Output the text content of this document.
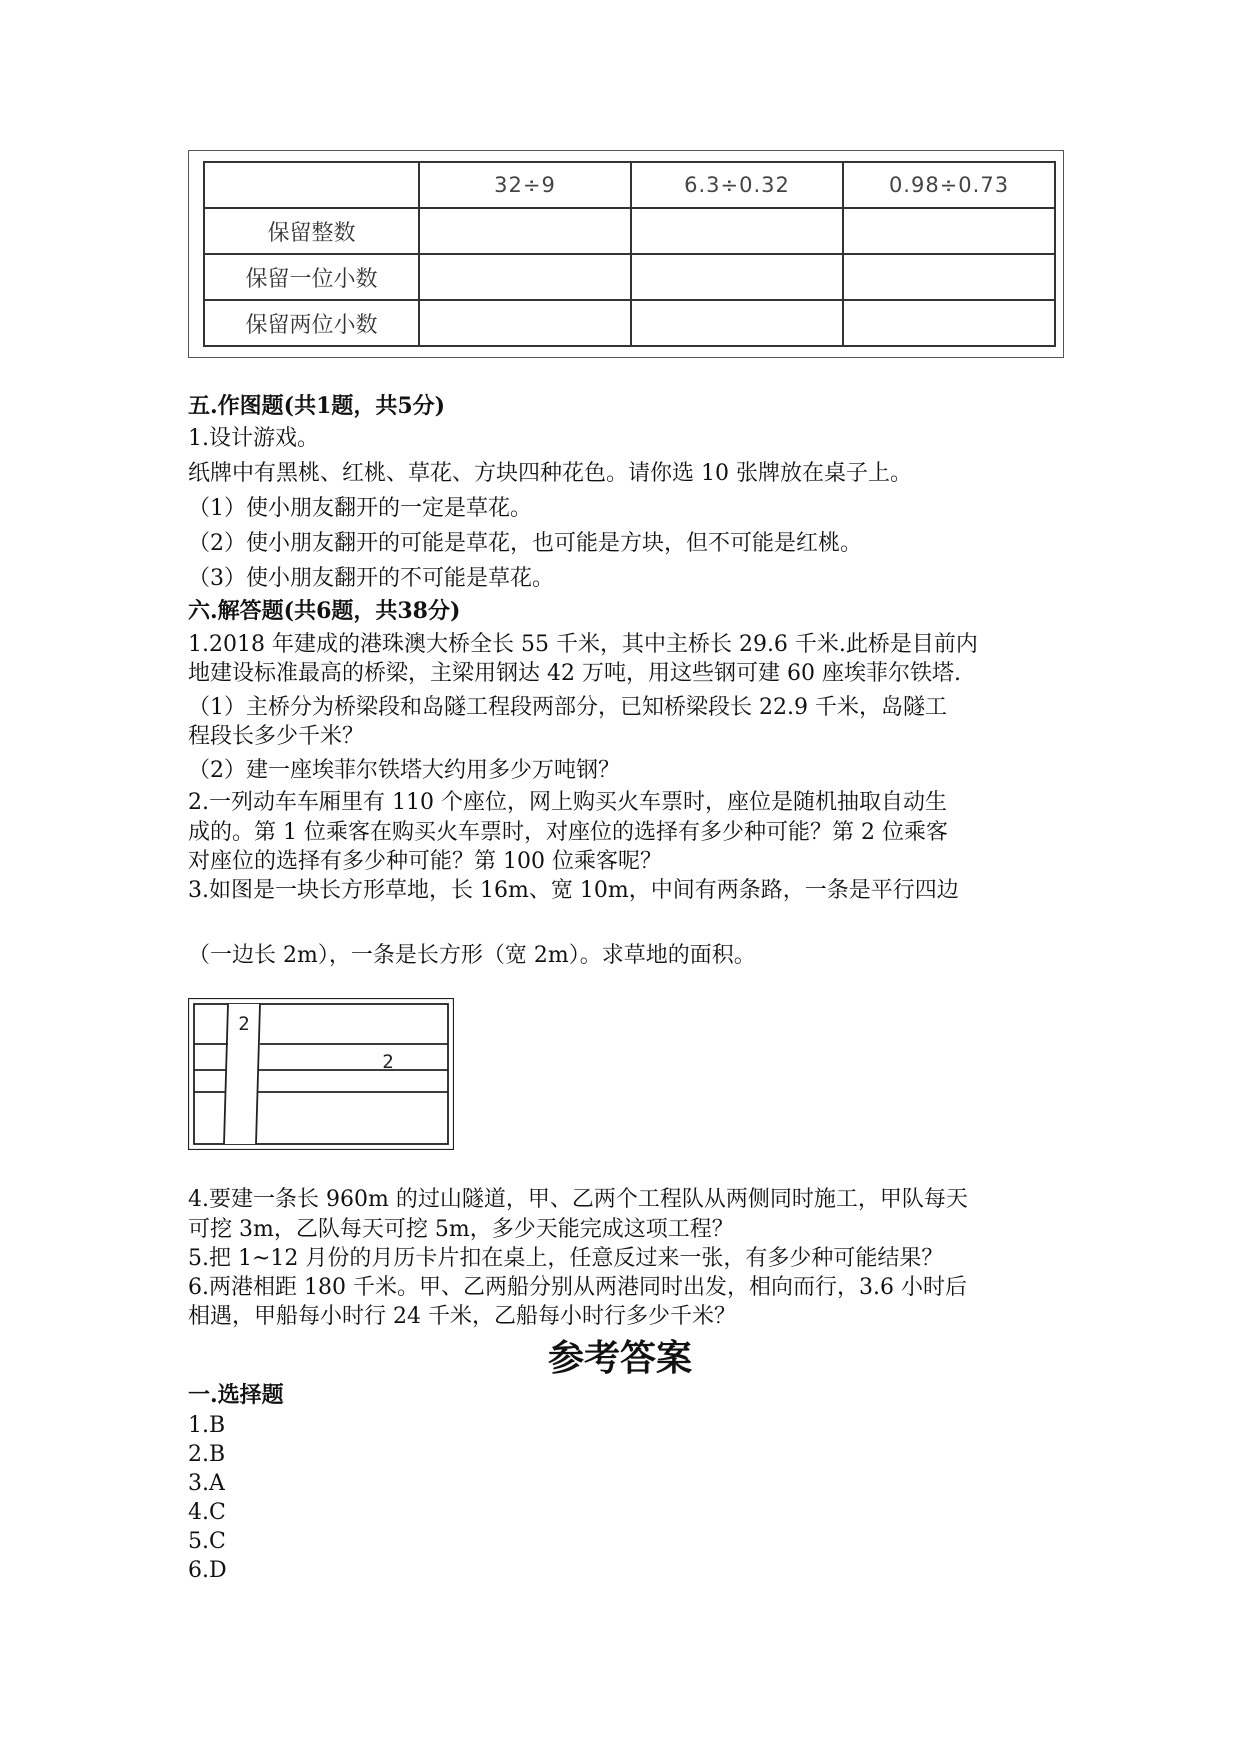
	32÷9	6.3÷0.32	0.98÷0.73
保留整数			
保留一位小数			
保留两位小数			
五.作图题(共1题，共5分)
1.设计游戏。
纸牌中有黑桃、红桃、草花、方块四种花色。请你选 10 张牌放在桌子上。
（1）使小朋友翻开的一定是草花。
（2）使小朋友翻开的可能是草花，也可能是方块，但不可能是红桃。
（3）使小朋友翻开的不可能是草花。
六.解答题(共6题，共38分)
1.2018 年建成的港珠澳大桥全长 55 千米，其中主桥长 29.6 千米.此桥是目前内
地建设标准最高的桥梁，主梁用钢达 42 万吨，用这些钢可建 60 座埃菲尔铁塔.
（1）主桥分为桥梁段和岛隧工程段两部分，已知桥梁段长 22.9 千米，岛隧工
程段长多少千米？
（2）建一座埃菲尔铁塔大约用多少万吨钢？
2.一列动车车厢里有 110 个座位，网上购买火车票时，座位是随机抽取自动生
成的。第 1 位乘客在购买火车票时，对座位的选择有多少种可能？第 2 位乘客
对座位的选择有多少种可能？第 100 位乘客呢？
3.如图是一块长方形草地，长 16m、宽 10m，中间有两条路，一条是平行四边
（一边长 2m），一条是长方形（宽 2m）。求草地的面积。
2
2
4.要建一条长 960m 的过山隧道，甲、乙两个工程队从两侧同时施工，甲队每天
可挖 3m，乙队每天可挖 5m，多少天能完成这项工程？
5.把 1~12 月份的月历卡片扣在桌上，任意反过来一张，有多少种可能结果？
6.两港相距 180 千米。甲、乙两船分别从两港同时出发，相向而行，3.6 小时后
相遇，甲船每小时行 24 千米，乙船每小时行多少千米？
参考答案
一.选择题
1.B
2.B
3.A
4.C
5.C
6.D
